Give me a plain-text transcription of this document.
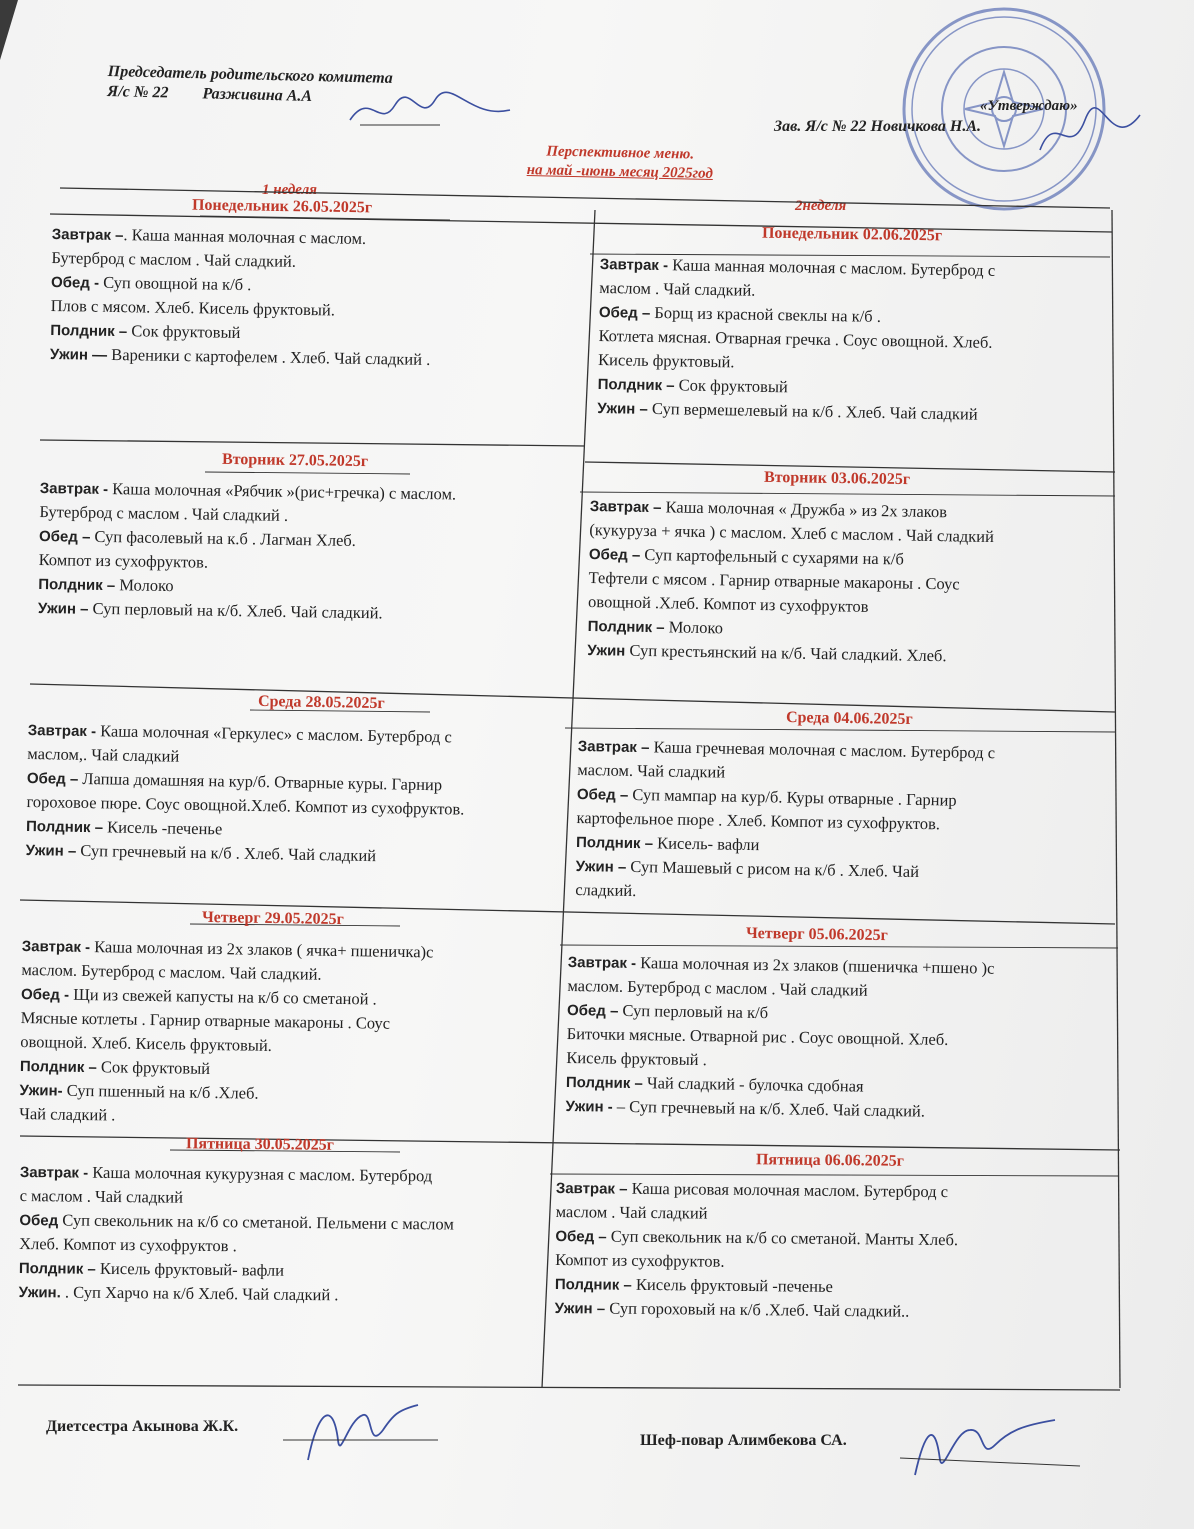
Председатель родительского комитета
Я/с № 22 Разживина А.А
«Утверждаю»
Зав. Я/с № 22 Новичкова Н.А.
Перспективное меню.
на май -июнь месяц 2025год
1 неделя
2неделя
Понедельник 26.05.2025г

Завтрак –. Каша манная молочная с маслом.

Бутерброд с маслом . Чай сладкий.

Обед - Суп овощной на к/б .

Плов с мясом. Хлеб. Кисель фруктовый.

Полдник – Сок фруктовый

Ужин — Вареники с картофелем . Хлеб. Чай сладкий .

Вторник 27.05.2025г

Завтрак - Каша молочная «Рябчик »(рис+гречка) с маслом.

Бутерброд с маслом . Чай сладкий .

Обед – Суп фасолевый на к.б . Лагман Хлеб.

Компот из сухофруктов.

Полдник – Молоко

Ужин – Суп перловый на к/б. Хлеб. Чай сладкий.

Среда 28.05.2025г

Завтрак - Каша молочная «Геркулес» с маслом. Бутерброд с

маслом,. Чай сладкий

Обед – Лапша домашняя на кур/б. Отварные куры. Гарнир

гороховое пюре. Соус овощной.Хлеб. Компот из сухофруктов.

Полдник – Кисель -печенье

Ужин – Суп гречневый на к/б . Хлеб. Чай сладкий

Четверг 29.05.2025г

Завтрак - Каша молочная из 2х злаков ( ячка+ пшеничка)с

маслом. Бутерброд с маслом. Чай сладкий.

Обед - Щи из свежей капусты на к/б со сметаной .

Мясные котлеты . Гарнир отварные макароны . Соус

овощной. Хлеб. Кисель фруктовый.

Полдник – Сок фруктовый

Ужин- Суп пшенный на к/б .Хлеб.

Чай сладкий .

Пятница 30.05.2025г

Завтрак - Каша молочная кукурузная с маслом. Бутерброд

с маслом . Чай сладкий

Обед Суп свекольник на к/б со сметаной. Пельмени с маслом

Хлеб. Компот из сухофруктов .

Полдник – Кисель фруктовый- вафли

Ужин. . Суп Харчо на к/б Хлеб. Чай сладкий .

Понедельник 02.06.2025г

Завтрак - Каша манная молочная с маслом. Бутерброд с

маслом . Чай сладкий.

Обед – Борщ из красной свеклы на к/б .

Котлета мясная. Отварная гречка . Соус овощной. Хлеб.

Кисель фруктовый.

Полдник – Сок фруктовый

Ужин – Суп вермешелевый на к/б . Хлеб. Чай сладкий

Вторник 03.06.2025г

Завтрак – Каша молочная « Дружба » из 2х злаков

(кукуруза + ячка ) с маслом. Хлеб с маслом . Чай сладкий

Обед – Суп картофельный с сухарями на к/б

Тефтели с мясом . Гарнир отварные макароны . Соус

овощной .Хлеб. Компот из сухофруктов

Полдник – Молоко

Ужин Суп крестьянский на к/б. Чай сладкий. Хлеб.

Среда 04.06.2025г

Завтрак – Каша гречневая молочная с маслом. Бутерброд с

маслом. Чай сладкий

Обед – Суп мампар на кур/б. Куры отварные . Гарнир

картофельное пюре . Хлеб. Компот из сухофруктов.

Полдник – Кисель- вафли

Ужин – Суп Машевый с рисом на к/б . Хлеб. Чай

сладкий.

Четверг 05.06.2025г

Завтрак - Каша молочная из 2х злаков (пшеничка +пшено )с

маслом. Бутерброд с маслом . Чай сладкий

Обед – Суп перловый на к/б

Биточки мясные. Отварной рис . Соус овощной. Хлеб.

Кисель фруктовый .

Полдник – Чай сладкий - булочка сдобная

Ужин - – Суп гречневый на к/б. Хлеб. Чай сладкий.

Пятница 06.06.2025г

Завтрак – Каша рисовая молочная маслом. Бутерброд с

маслом . Чай сладкий

Обед – Суп свекольник на к/б со сметаной. Манты Хлеб.

Компот из сухофруктов.

Полдник – Кисель фруктовый -печенье

Ужин – Суп гороховый на к/б .Хлеб. Чай сладкий..

Диетсестра Акынова Ж.К.
Шеф-повар Алимбекова СА.
